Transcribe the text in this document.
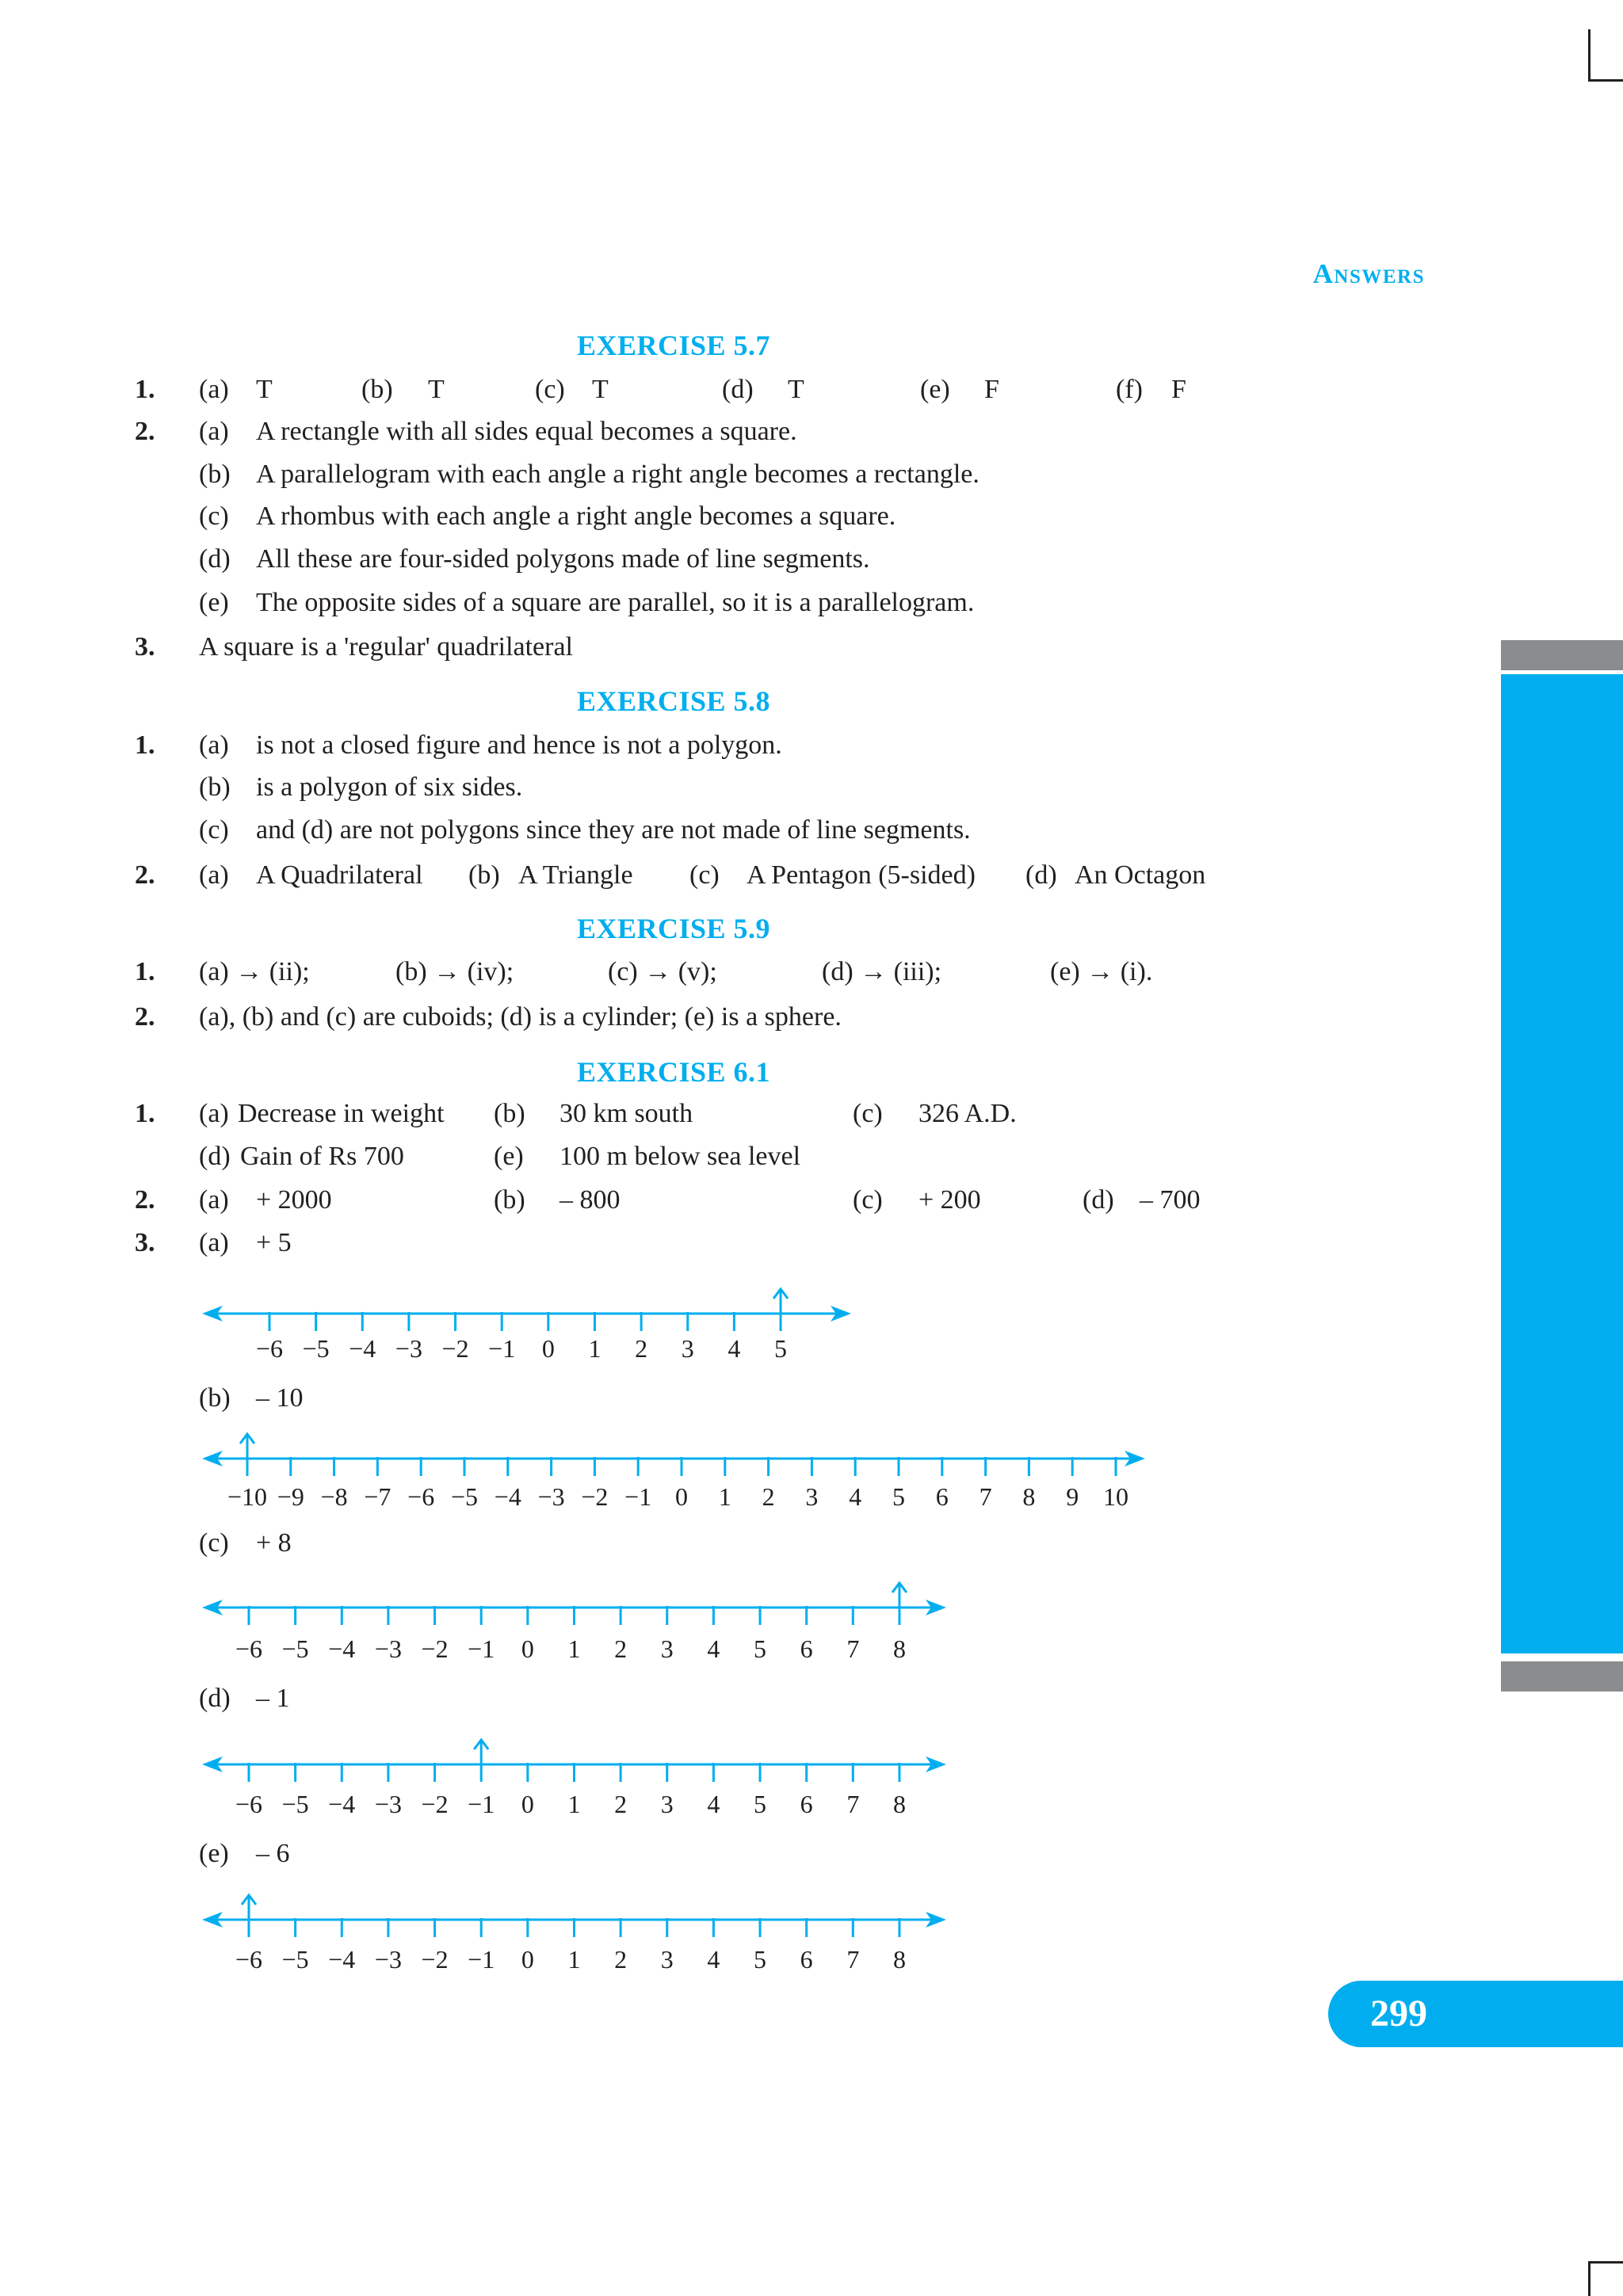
Answers
299
EXERCISE 5.7
1. (a) T	(b) T	(c) T	(d) T	(e) F	(f) F
2. (a) A rectangle with all sides equal becomes a square.
(b) A parallelogram with each angle a right angle becomes a rectangle.
(c) A rhombus with each angle a right angle becomes a square.
(d) All these are four-sided polygons made of line segments.
(e) The opposite sides of a square are parallel, so it is a parallelogram.
3. A square is a 'regular' quadrilateral
EXERCISE 5.8
1. (a) is not a closed figure and hence is not a polygon.
(b) is a polygon of six sides.
(c) and (d) are not polygons since they are not made of line segments.
2. (a) A Quadrilateral (b) A Triangle (c) A Pentagon (5-sided) (d) An Octagon
EXERCISE 5.9
1. (a) → (ii);	(b) → (iv);	(c) → (v);	(d) → (iii);	(e) → (i).
2. (a), (b) and (c) are cuboids; (d) is a cylinder; (e) is a sphere.
EXERCISE 6.1
1. (a) Decrease in weight (b) 30 km south	(c) 326 A.D.
(d) Gain of Rs 700	(e) 100 m below sea level
2. (a) + 2000	(b) – 800	(c) + 200	(d) – 700
3. (a) + 5
(b) – 10
(c) + 8
(d) – 1
(e) – 6
−6 −5 −4 −3 −2 −1 0 1 2 3 4 5
−10 −9 −8 −7 −6 −5 −4 −3 −2 −1 0 1 2 3 4 5 6 7 8 9 10
−6 −5 −4 −3 −2 −1 0 1 2 3 4 5 6 7 8
−6 −5 −4 −3 −2 −1 0 1 2 3 4 5 6 7 8
−6 −5 −4 −3 −2 −1 0 1 2 3 4 5 6 7 8
